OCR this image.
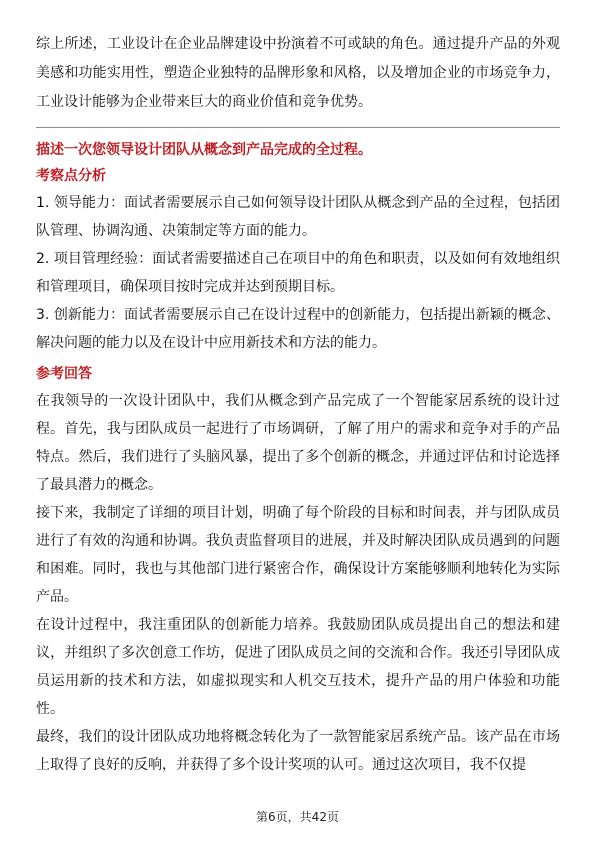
综上所述，工业设计在企业品牌建设中扮演着不可或缺的角色。通过提升产品的外观美感和功能实用性，塑造企业独特的品牌形象和风格，以及增加企业的市场竞争力，工业设计能够为企业带来巨大的商业价值和竞争优势。

描述一次您领导设计团队从概念到产品完成的全过程。

考察点分析

1. 领导能力：面试者需要展示自己如何领导设计团队从概念到产品的全过程，包括团队管理、协调沟通、决策制定等方面的能力。

2. 项目管理经验：面试者需要描述自己在项目中的角色和职责，以及如何有效地组织和管理项目，确保项目按时完成并达到预期目标。

3. 创新能力：面试者需要展示自己在设计过程中的创新能力，包括提出新颖的概念、解决问题的能力以及在设计中应用新技术和方法的能力。

参考回答

在我领导的一次设计团队中，我们从概念到产品完成了一个智能家居系统的设计过程。首先，我与团队成员一起进行了市场调研，了解了用户的需求和竞争对手的产品特点。然后，我们进行了头脑风暴，提出了多个创新的概念，并通过评估和讨论选择了最具潜力的概念。

接下来，我制定了详细的项目计划，明确了每个阶段的目标和时间表，并与团队成员进行了有效的沟通和协调。我负责监督项目的进展，并及时解决团队成员遇到的问题和困难。同时，我也与其他部门进行紧密合作，确保设计方案能够顺利地转化为实际产品。

在设计过程中，我注重团队的创新能力培养。我鼓励团队成员提出自己的想法和建议，并组织了多次创意工作坊，促进了团队成员之间的交流和合作。我还引导团队成员运用新的技术和方法，如虚拟现实和人机交互技术，提升产品的用户体验和功能性。

最终，我们的设计团队成功地将概念转化为了一款智能家居系统产品。该产品在市场上取得了良好的反响，并获得了多个设计奖项的认可。通过这次项目，我不仅提

第6页，共42页
